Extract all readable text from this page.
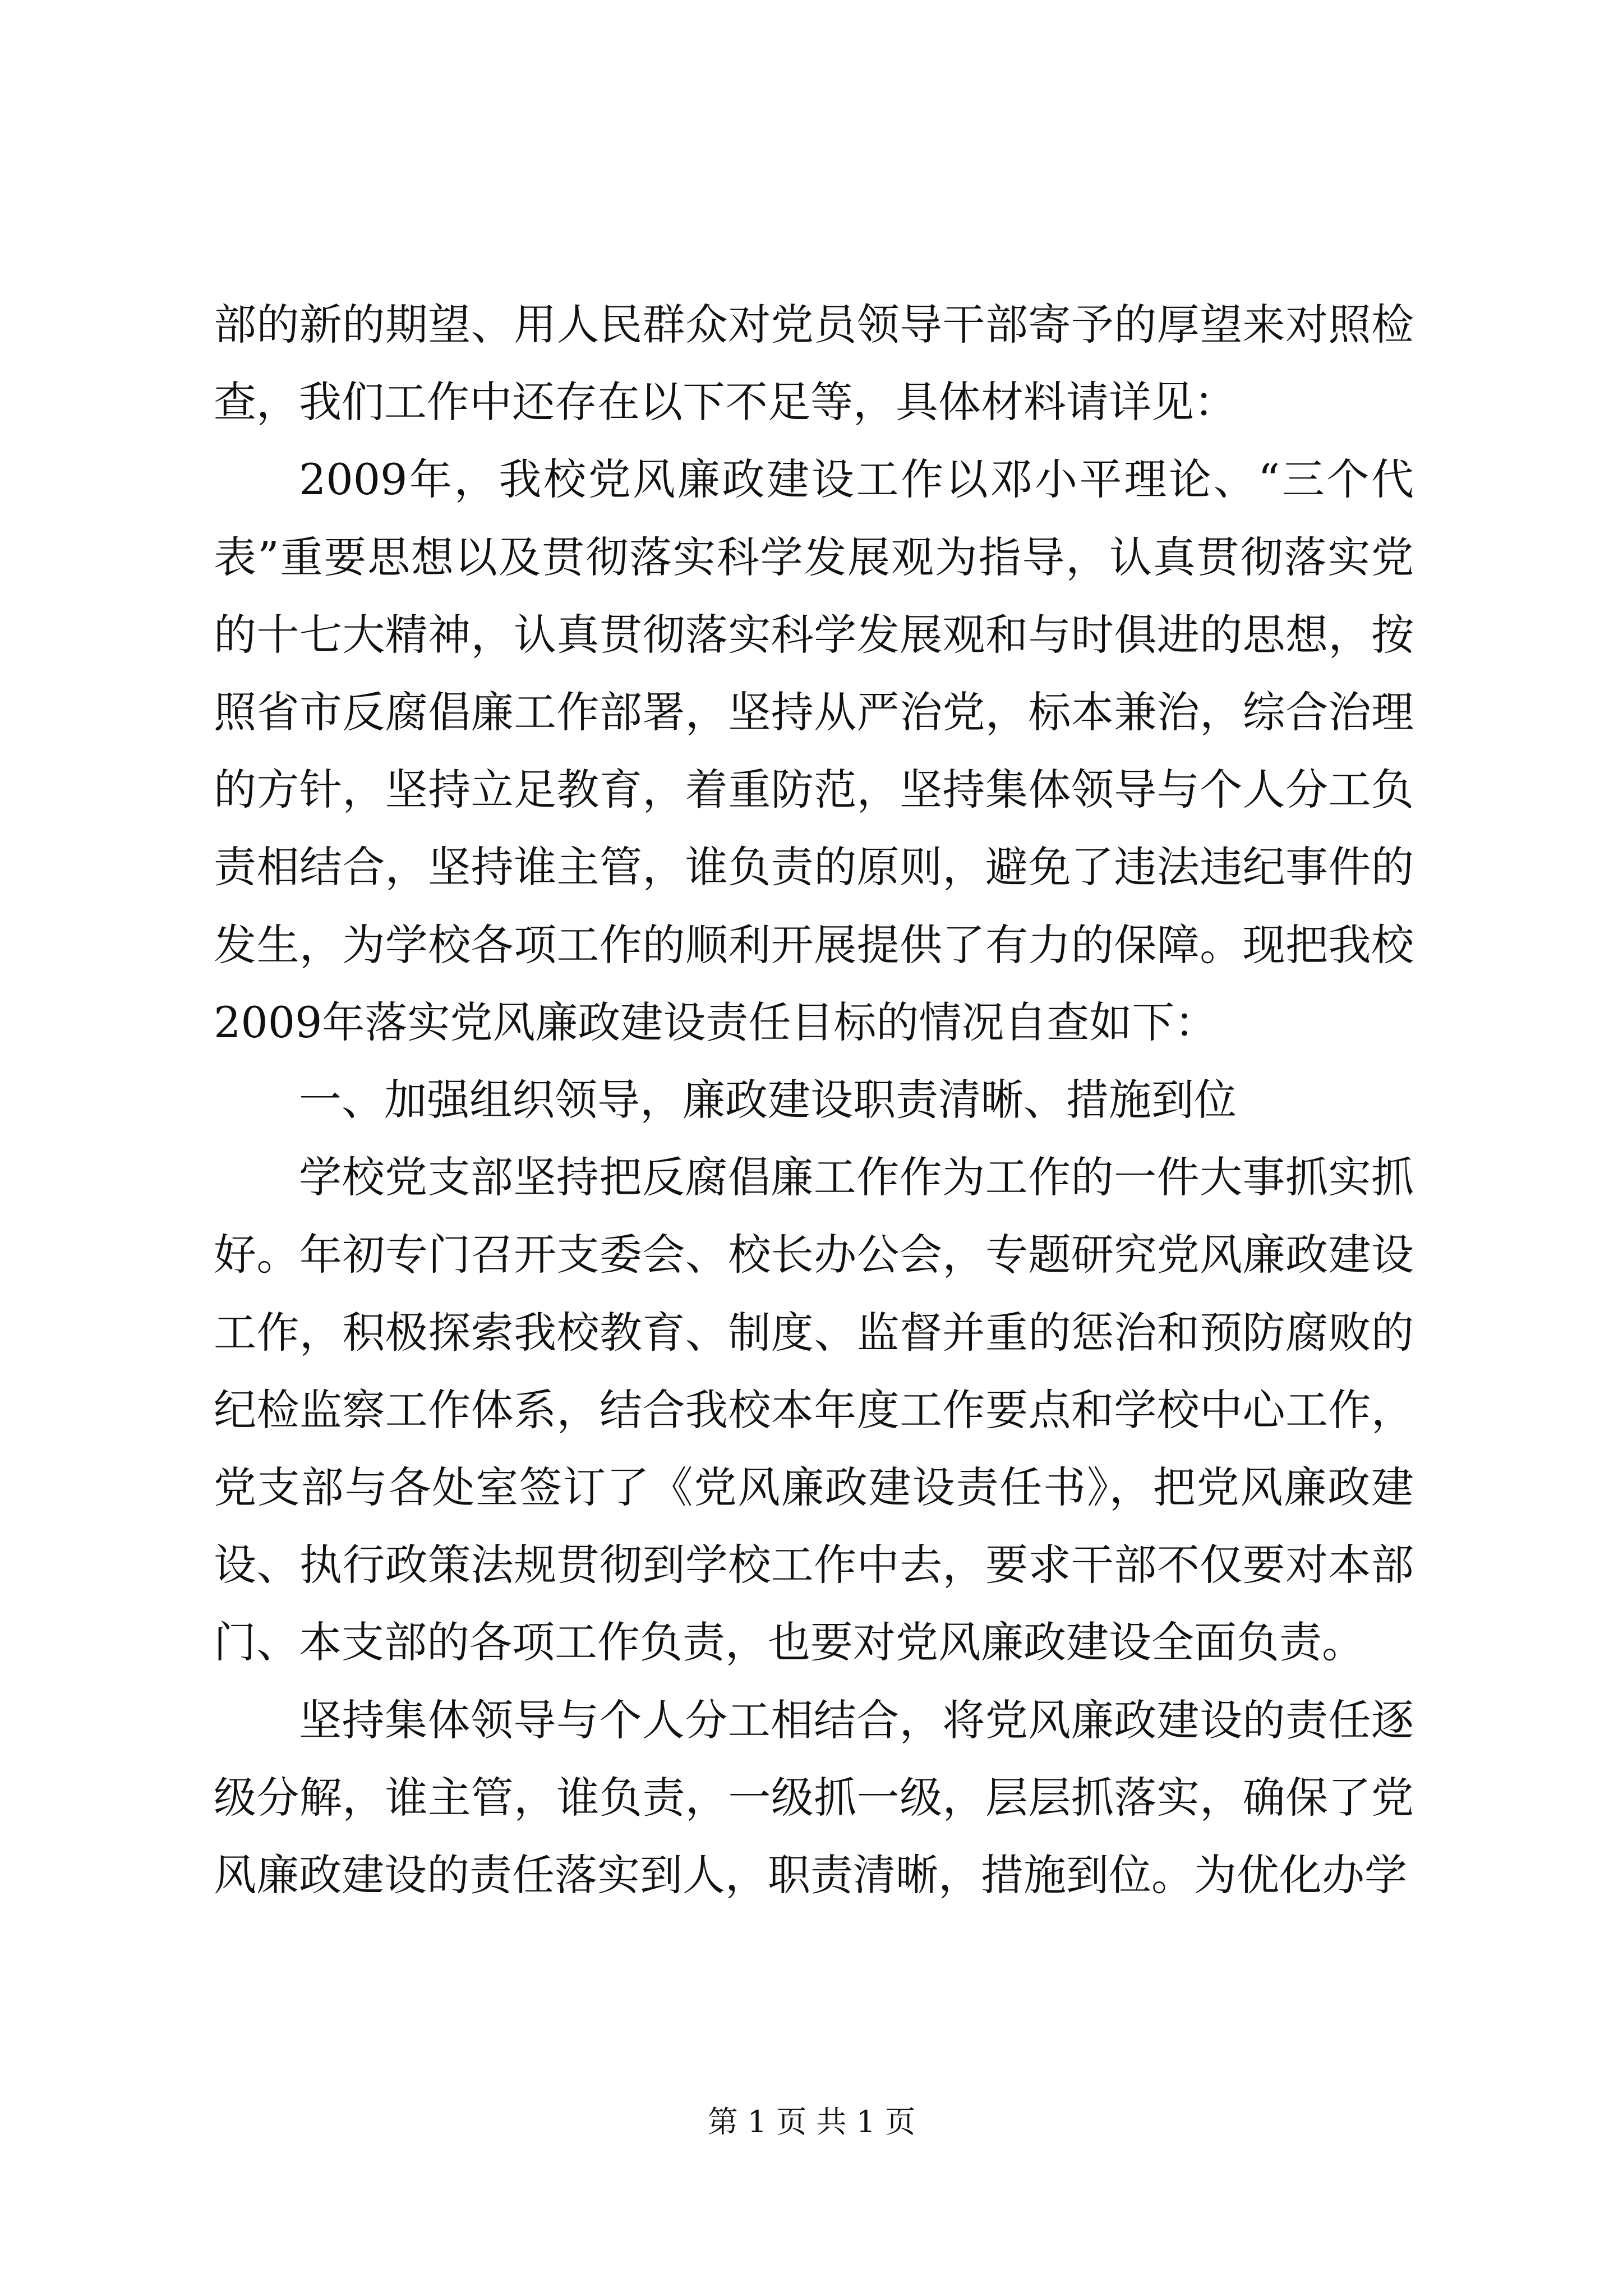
部的新的期望、用人民群众对党员领导干部寄予的厚望来对照检查，我们工作中还存在以下不足等，具体材料请详见：

2009年，我校党风廉政建设工作以邓小平理论、“三个代表”重要思想以及贯彻落实科学发展观为指导，认真贯彻落实党的十七大精神，认真贯彻落实科学发展观和与时俱进的思想，按照省市反腐倡廉工作部署，坚持从严治党，标本兼治，综合治理的方针，坚持立足教育，着重防范，坚持集体领导与个人分工负责相结合，坚持谁主管，谁负责的原则，避免了违法违纪事件的发生，为学校各项工作的顺利开展提供了有力的保障。现把我校2009年落实党风廉政建设责任目标的情况自查如下：

一、加强组织领导，廉政建设职责清晰、措施到位

学校党支部坚持把反腐倡廉工作作为工作的一件大事抓实抓好。年初专门召开支委会、校长办公会，专题研究党风廉政建设工作，积极探索我校教育、制度、监督并重的惩治和预防腐败的纪检监察工作体系，结合我校本年度工作要点和学校中心工作，党支部与各处室签订了《党风廉政建设责任书》，把党风廉政建设、执行政策法规贯彻到学校工作中去，要求干部不仅要对本部门、本支部的各项工作负责，也要对党风廉政建设全面负责。

坚持集体领导与个人分工相结合，将党风廉政建设的责任逐级分解，谁主管，谁负责，一级抓一级，层层抓落实，确保了党风廉政建设的责任落实到人，职责清晰，措施到位。为优化办学

第 1 页 共 1 页
